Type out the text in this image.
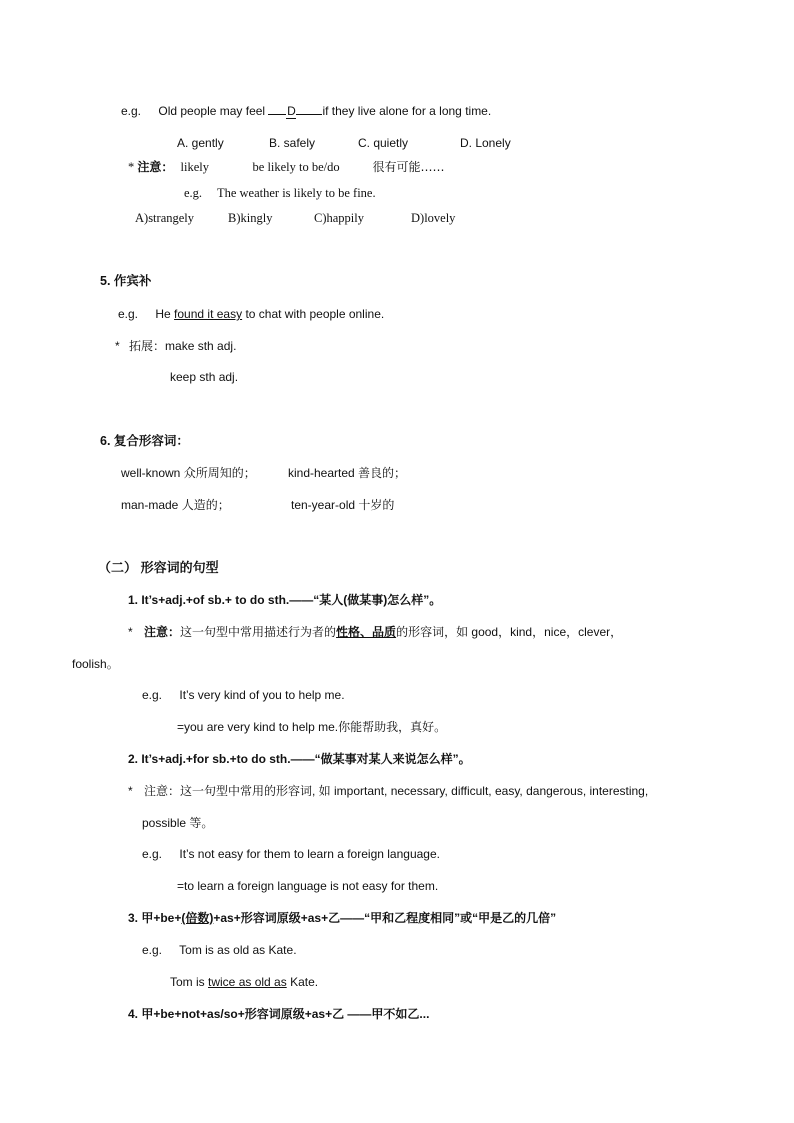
e.g. Old people may feel D if they live alone for a long time.
A. gently	B. safely	C. quietly	D. Lonely
* 注意： likely	be likely to be/do	很有可能……
e.g. The weather is likely to be fine.
A)strangely	B)kingly	C)happily	D)lovely
5. 作宾补
e.g. He found it easy to chat with people online.
* 拓展：make sth adj.
keep sth adj.
6. 复合形容词：
well-known 众所周知的；	kind-hearted 善良的；
man-made 人造的；	ten-year-old 十岁的
（二） 形容词的句型
1. It’s+adj.+of sb.+ to do sth.——“某人(做某事)怎么样”。
* 注意：这一句型中常用描述行为者的性格、品质的形容词，如 good，kind，nice，clever，
foolish。
e.g. It’s very kind of you to help me.
=you are very kind to help me.你能帮助我，真好。
2. It’s+adj.+for sb.+to do sth.——“做某事对某人来说怎么样”。
* 注意：这一句型中常用的形容词, 如 important, necessary, difficult, easy, dangerous, interesting,
possible 等。
e.g. It’s not easy for them to learn a foreign language.
=to learn a foreign language is not easy for them.
3. 甲+be+(倍数)+as+形容词原级+as+乙——“甲和乙程度相同”或“甲是乙的几倍”
e.g. Tom is as old as Kate.
Tom is twice as old as Kate.
4. 甲+be+not+as/so+形容词原级+as+乙 ——甲不如乙...
